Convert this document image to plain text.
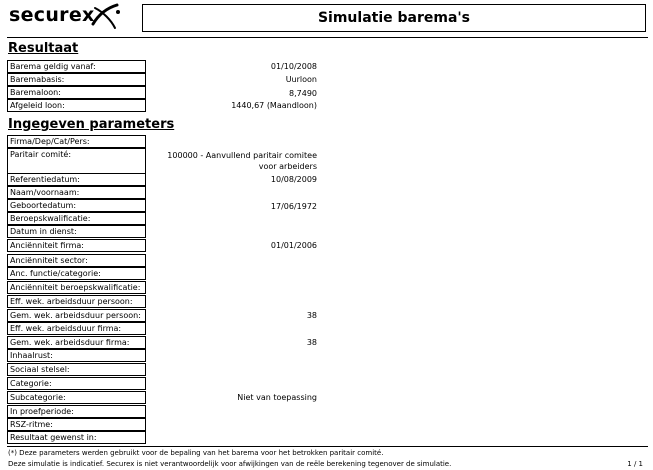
securex	Simulatie barema's
Resultaat
Barema geldig vanaf:	01/10/2008
Baremabasis:	Uurloon
Baremaloon:	8,7490
Afgeleid loon:	1440,67 (Maandloon)
Ingegeven parameters
Firma/Dep/Cat/Pers:
Paritair comité:	100000 - Aanvullend paritair comitee voor arbeiders
Referentiedatum:	10/08/2009
Naam/voornaam:
Geboortedatum:	17/06/1972
Beroepskwalificatie:
Datum in dienst:
Anciënniteit firma:	01/01/2006
Anciënniteit sector:
Anc. functie/categorie:
Anciënniteit beroepskwalificatie:
Eff. wek. arbeidsduur persoon:
Gem. wek. arbeidsduur persoon:	38
Eff. wek. arbeidsduur firma:
Gem. wek. arbeidsduur firma:	38
Inhaalrust:
Sociaal stelsel:
Categorie:
Subcategorie:	Niet van toepassing
In proefperiode:
RSZ-ritme:
Resultaat gewenst in:
(*) Deze parameters werden gebruikt voor de bepaling van het barema voor het betrokken paritair comité.
Deze simulatie is indicatief. Securex is niet verantwoordelijk voor afwijkingen van de reële berekening tegenover de simulatie.	1 / 1
